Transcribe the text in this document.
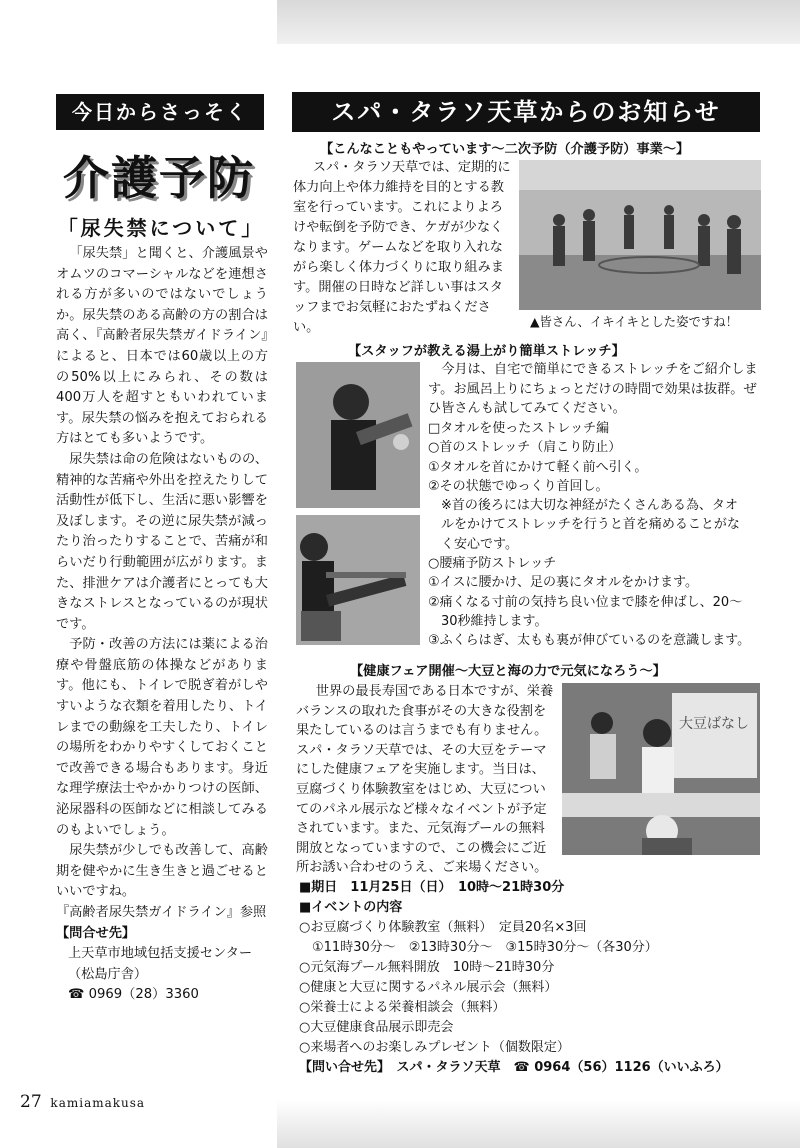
今日からさっそく
介護予防
「尿失禁について」

「尿失禁」と聞くと、介護風景やオムツのコマーシャルなどを連想される方が多いのではないでしょうか。尿失禁のある高齢の方の割合は高く、『高齢者尿失禁ガイドライン』によると、日本では60歳以上の方の50%以上にみられ、その数は400万人を超すともいわれています。尿失禁の悩みを抱えておられる方はとても多いようです。

尿失禁は命の危険はないものの、精神的な苦痛や外出を控えたりして活動性が低下し、生活に悪い影響を及ぼします。その逆に尿失禁が減ったり治ったりすることで、苦痛が和らいだり行動範囲が広がります。また、排泄ケアは介護者にとっても大きなストレスとなっているのが現状です。

予防・改善の方法には薬による治療や骨盤底筋の体操などがあります。他にも、トイレで脱ぎ着がしやすいような衣類を着用したり、トイレまでの動線を工夫したり、トイレの場所をわかりやすくしておくことで改善できる場合もあります。身近な理学療法士やかかりつけの医師、泌尿器科の医師などに相談してみるのもよいでしょう。

尿失禁が少しでも改善して、高齢期を健やかに生き生きと過ごせるといいですね。

『高齢者尿失禁ガイドライン』参照

【問合せ先】

上天草市地域包括支援センター

（松島庁舎）

☎ 0969（28）3360

27 kamiamakusa
スパ・タラソ天草からのお知らせ
【こんなこともやっています～二次予防（介護予防）事業～】
スパ・タラソ天草では、定期的に体力向上や体力維持を目的とする教室を行っています。これによりよろけや転倒を予防でき、ケガが少なくなります。ゲームなどを取り入れながら楽しく体力づくりに取り組みます。開催の日時など詳しい事はスタッフまでお気軽におたずねください。	▲皆さん、イキイキとした姿ですね！
【スタッフが教える湯上がり簡単ストレッチ】
今月は、自宅で簡単にできるストレッチをご紹介します。お風呂上りにちょっとだけの時間で効果は抜群。ぜひ皆さんも試してみてください。
□タオルを使ったストレッチ編
○首のストレッチ（肩こり防止）
①タオルを首にかけて軽く前へ引く。
②その状態でゆっくり首回し。
　※首の後ろには大切な神経がたくさんある為、タオ
　ルをかけてストレッチを行うと首を痛めることがな
　く安心です。
○腰痛予防ストレッチ
①イスに腰かけ、足の裏にタオルをかけます。
②痛くなる寸前の気持ち良い位まで膝を伸ばし、20～
　30秒維持します。
③ふくらはぎ、太もも裏が伸びているのを意識します。
【健康フェア開催～大豆と海の力で元気になろう～】
世界の最長寿国である日本ですが、栄養バランスの取れた食事がその大きな役割を果たしているのは言うまでも有りません。スパ・タラソ天草では、その大豆をテーマにした健康フェアを実施します。当日は、豆腐づくり体験教室をはじめ、大豆についてのパネル展示など様々なイベントが予定されています。また、元気海プールの無料開放となっていますので、この機会にご近所お誘い合わせのうえ、ご来場ください。
大豆ばなし
■期日　11月25日（日）　10時～21時30分
■イベントの内容
○お豆腐づくり体験教室（無料）　定員20名×3回
　①11時30分～　②13時30分～　③15時30分～（各30分）
○元気海プール無料開放　10時～21時30分
○健康と大豆に関するパネル展示会（無料）
○栄養士による栄養相談会（無料）
○大豆健康食品展示即売会
○来場者へのお楽しみプレゼント（個数限定）
【問い合せ先】　スパ・タラソ天草　☎ 0964（56）1126（いいふろ）
